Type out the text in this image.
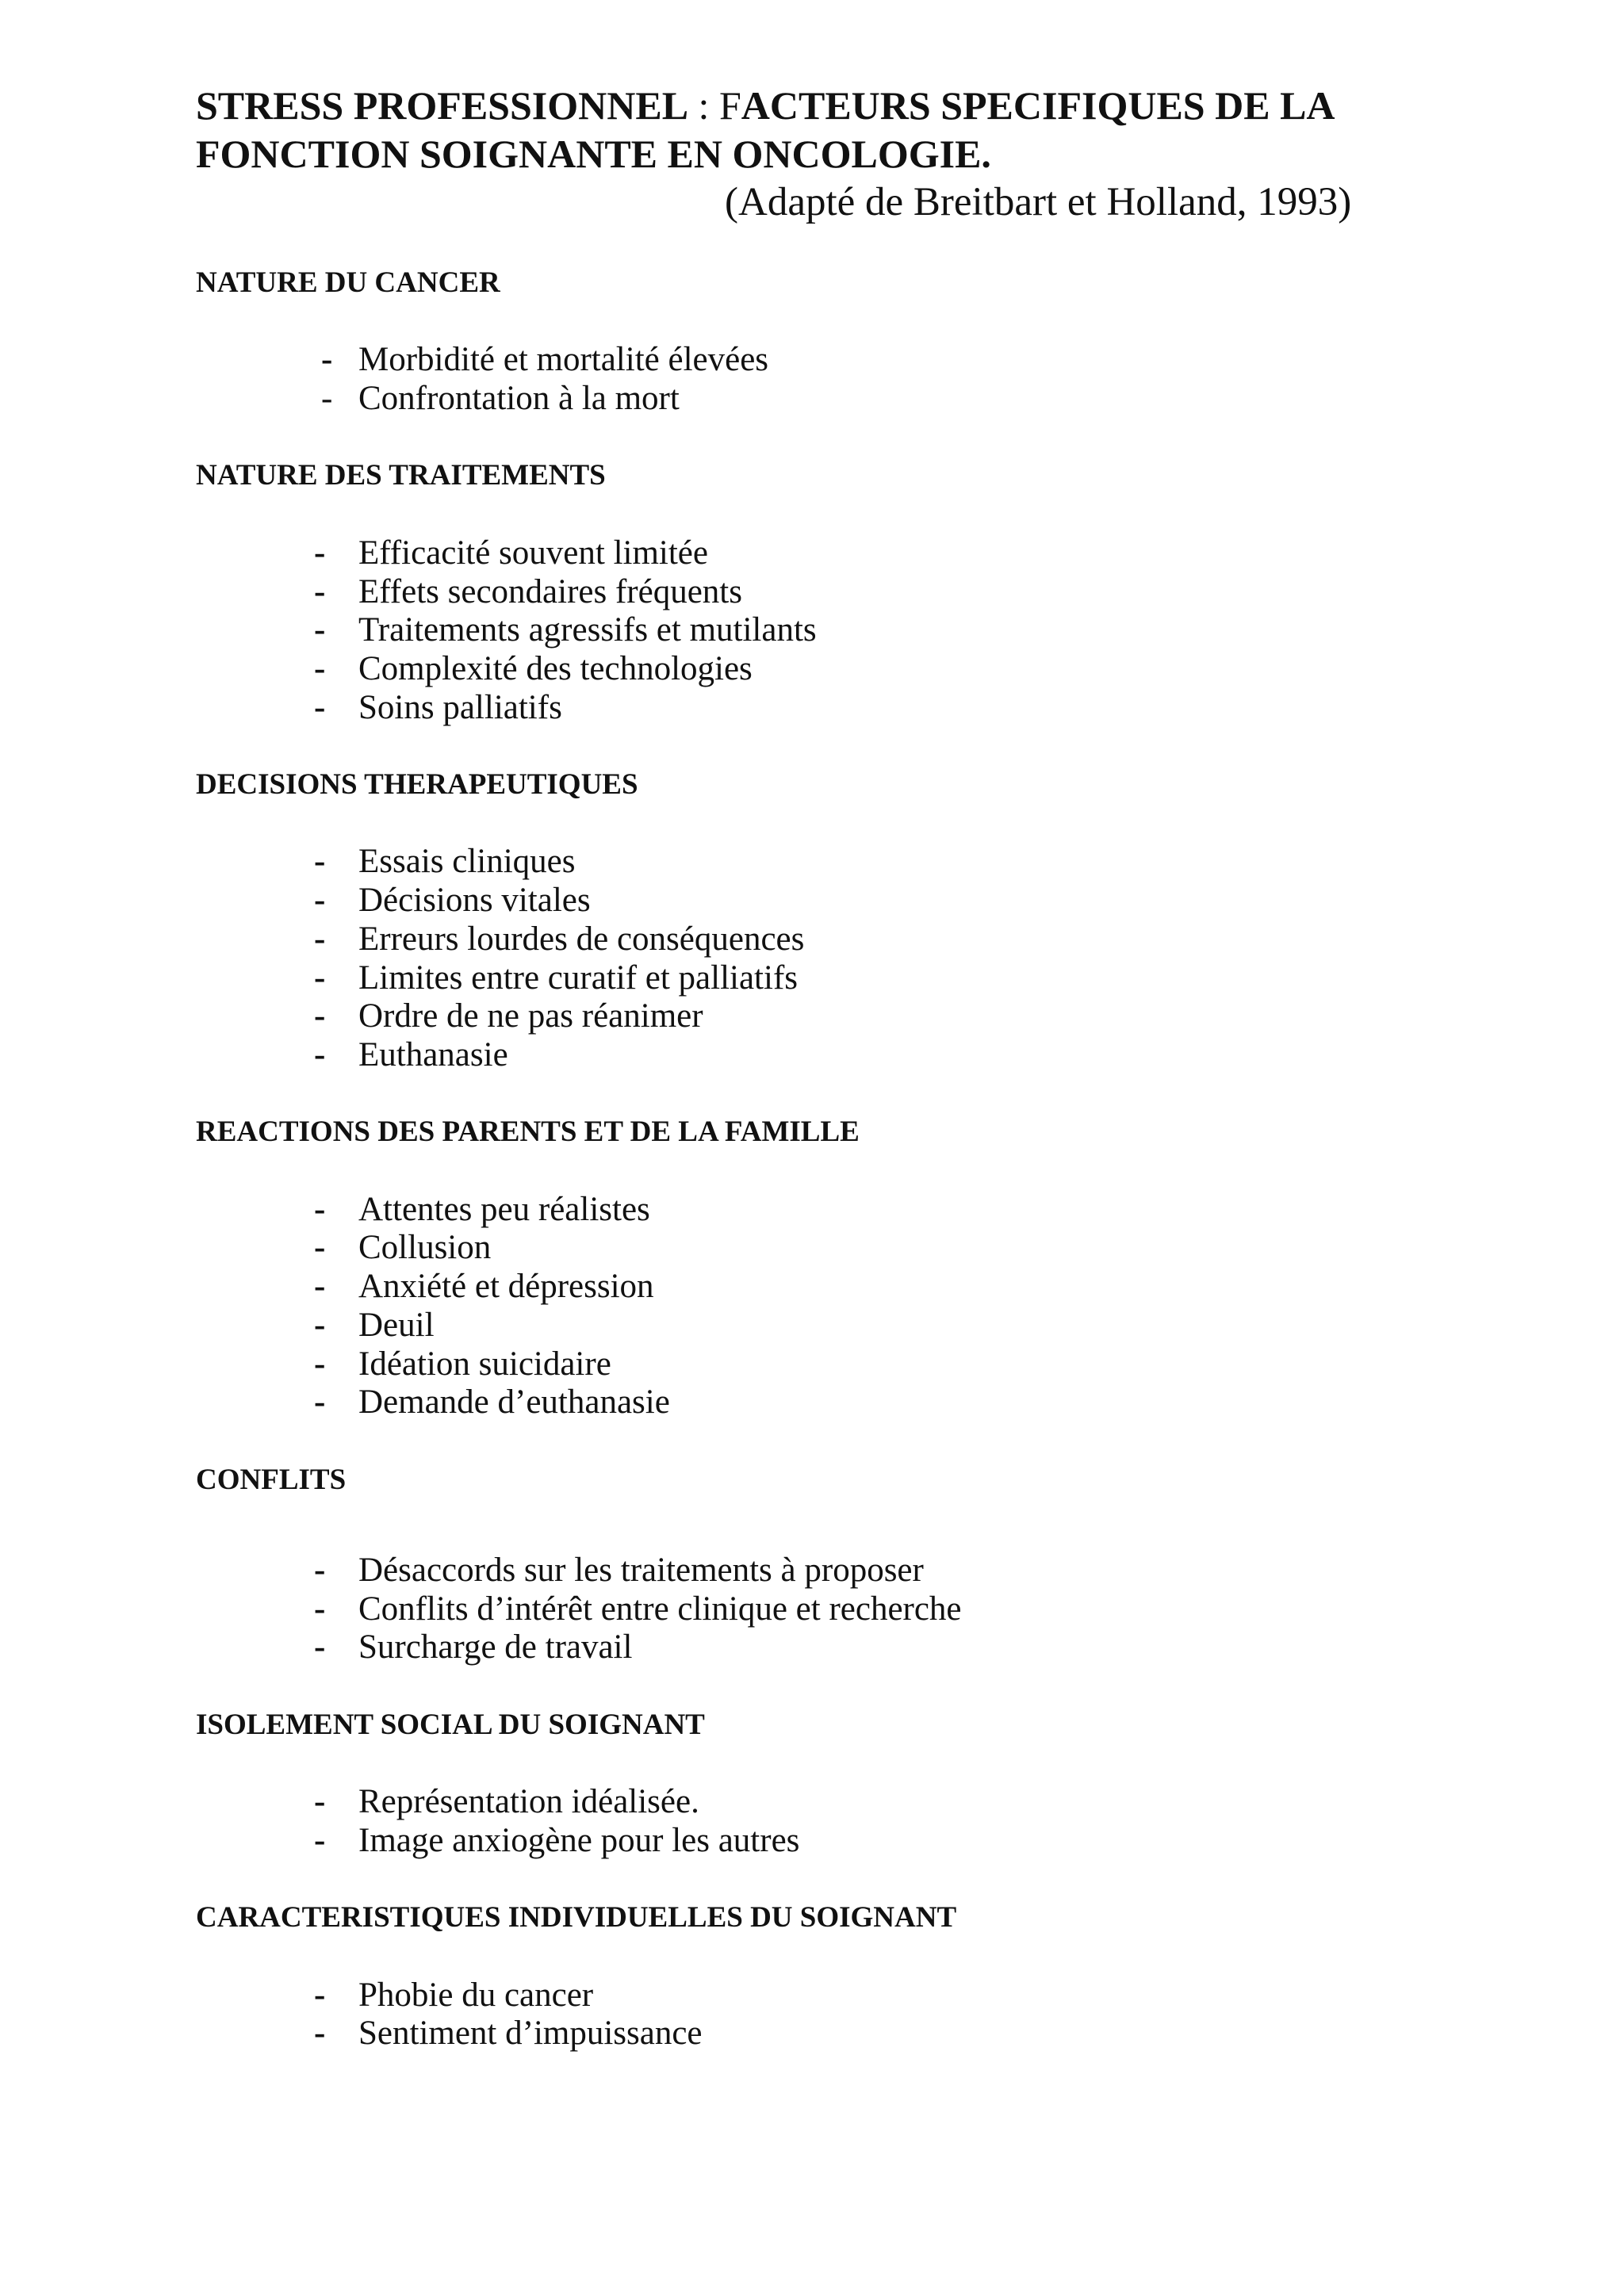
STRESS PROFESSIONNEL : FACTEURS SPECIFIQUES DE LA
FONCTION SOIGNANTE EN ONCOLOGIE.
(Adapté de Breitbart et Holland, 1993)
NATURE DU CANCER
- Morbidité et mortalité élevées
- Confrontation à la mort
NATURE DES TRAITEMENTS
- Efficacité souvent limitée
- Effets secondaires fréquents
- Traitements agressifs et mutilants
- Complexité des technologies
- Soins palliatifs
DECISIONS THERAPEUTIQUES
- Essais cliniques
- Décisions vitales
- Erreurs lourdes de conséquences
- Limites entre curatif et palliatifs
- Ordre de ne pas réanimer
- Euthanasie
REACTIONS DES PARENTS ET DE LA FAMILLE
- Attentes peu réalistes
- Collusion
- Anxiété et dépression
- Deuil
- Idéation suicidaire
- Demande d’euthanasie
CONFLITS
- Désaccords sur les traitements à proposer
- Conflits d’intérêt entre clinique et recherche
- Surcharge de travail
ISOLEMENT SOCIAL DU SOIGNANT
- Représentation idéalisée.
- Image anxiogène pour les autres
CARACTERISTIQUES INDIVIDUELLES DU SOIGNANT
- Phobie du cancer
- Sentiment d’impuissance
